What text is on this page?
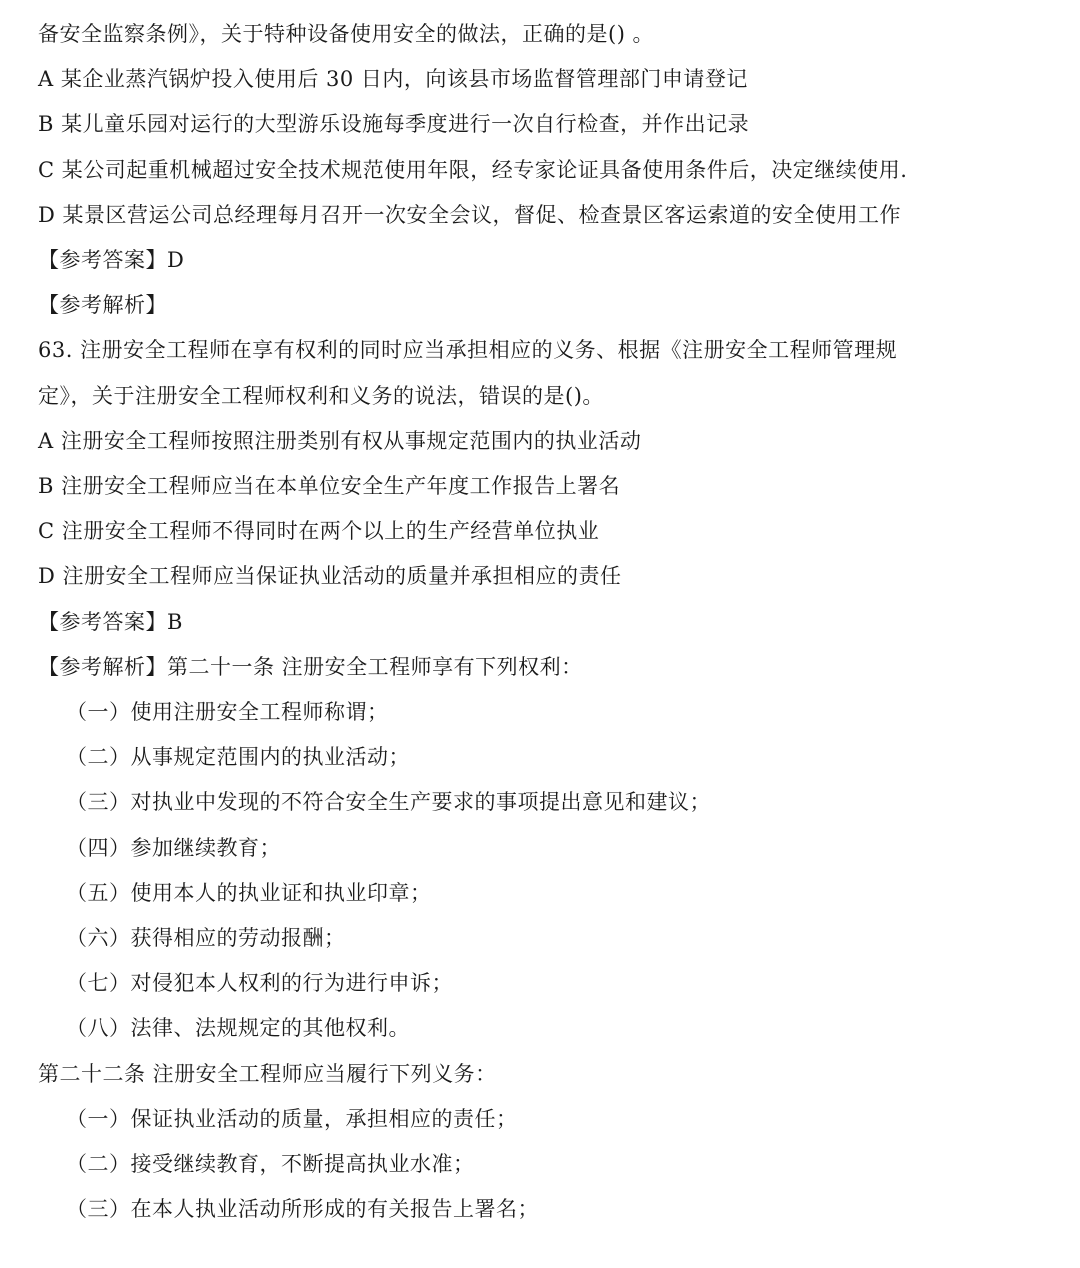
备安全监察条例》，关于特种设备使用安全的做法，正确的是() 。
A 某企业蒸汽锅炉投入使用后 30 日内，向该县市场监督管理部门申请登记
B 某儿童乐园对运行的大型游乐设施每季度进行一次自行检查，并作出记录
C 某公司起重机械超过安全技术规范使用年限，经专家论证具备使用条件后，决定继续使用.
D 某景区营运公司总经理每月召开一次安全会议，督促、检查景区客运索道的安全使用工作
【参考答案】D
【参考解析】
63. 注册安全工程师在享有权利的同时应当承担相应的义务、根据《注册安全工程师管理规
定》，关于注册安全工程师权利和义务的说法，错误的是()。
A 注册安全工程师按照注册类别有权从事规定范围内的执业活动
B 注册安全工程师应当在本单位安全生产年度工作报告上署名
C 注册安全工程师不得同时在两个以上的生产经营单位执业
D 注册安全工程师应当保证执业活动的质量并承担相应的责任
【参考答案】B
【参考解析】第二十一条 注册安全工程师享有下列权利：
（一）使用注册安全工程师称谓；
（二）从事规定范围内的执业活动；
（三）对执业中发现的不符合安全生产要求的事项提出意见和建议；
（四）参加继续教育；
（五）使用本人的执业证和执业印章；
（六）获得相应的劳动报酬；
（七）对侵犯本人权利的行为进行申诉；
（八）法律、法规规定的其他权利。
第二十二条 注册安全工程师应当履行下列义务：
（一）保证执业活动的质量，承担相应的责任；
（二）接受继续教育，不断提高执业水准；
（三）在本人执业活动所形成的有关报告上署名；
